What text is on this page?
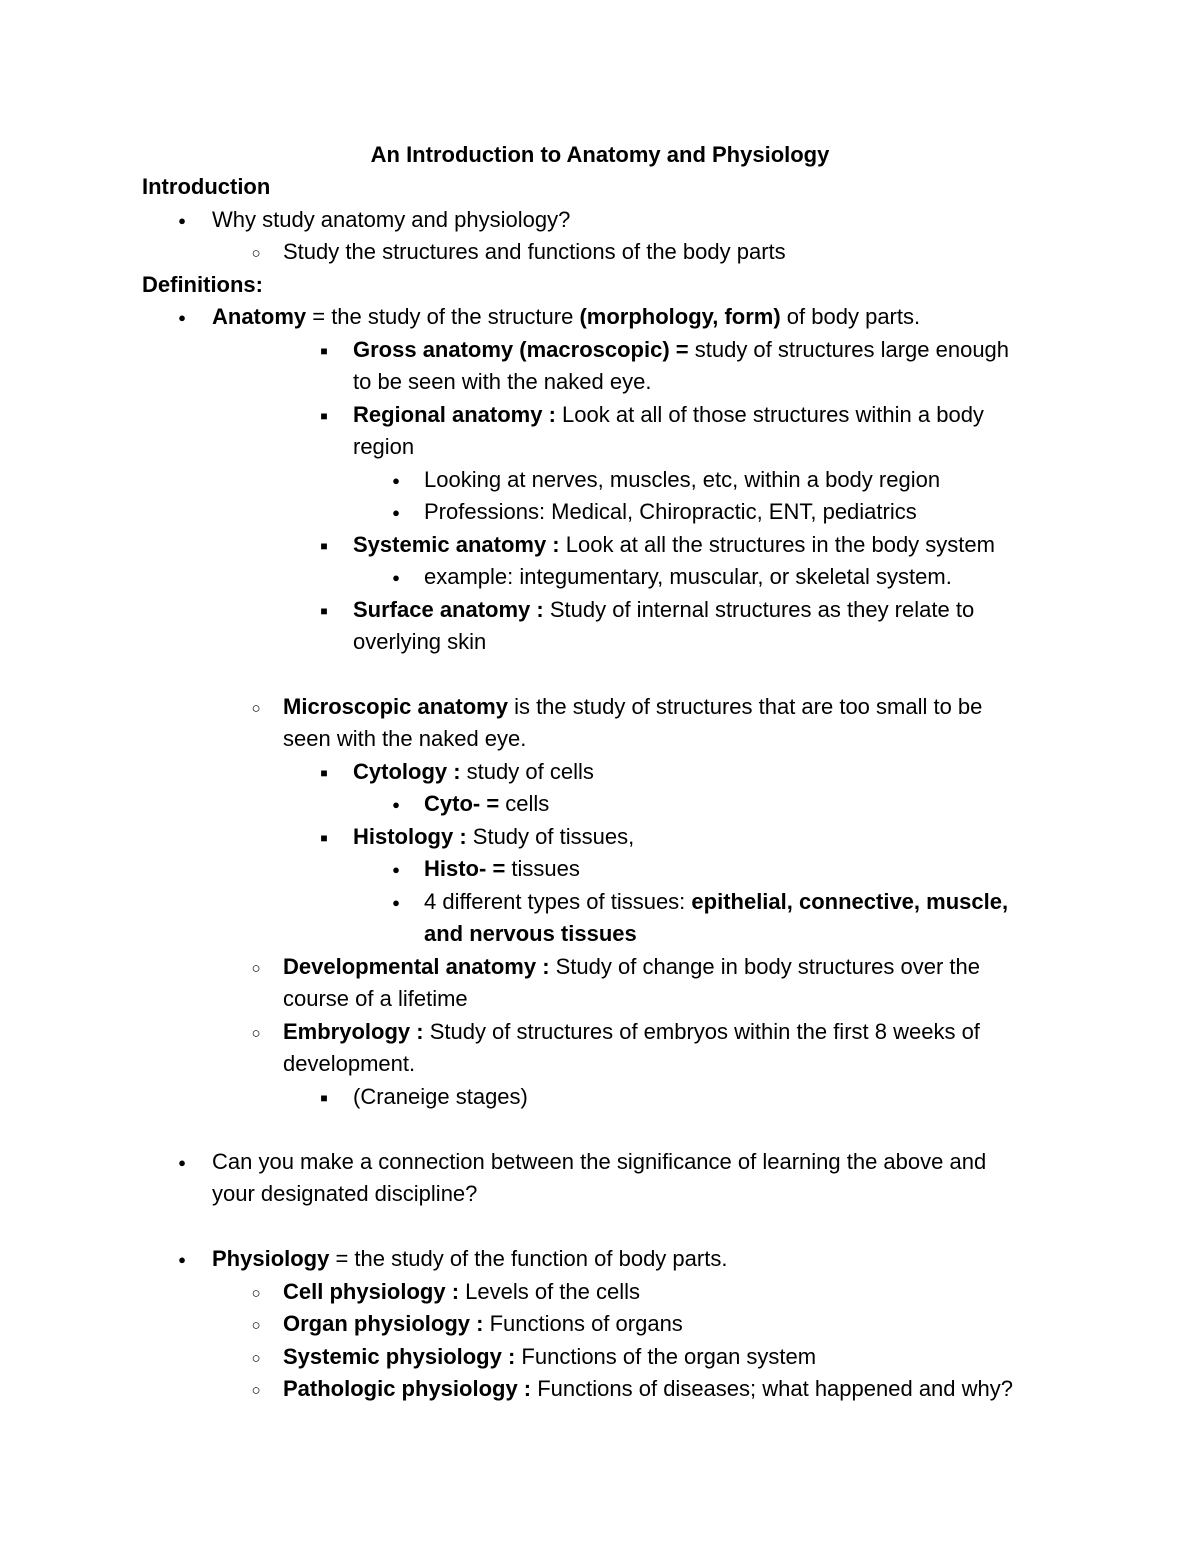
An Introduction to Anatomy and Physiology
Introduction
●
Why study anatomy and physiology?
○
Study the structures and functions of the body parts
Definitions:
●
Anatomy = the study of the structure (morphology, form) of body parts.
■
Gross anatomy (macroscopic) = study of structures large enough
to be seen with the naked eye.
■
Regional anatomy : Look at all of those structures within a body
region
●
Looking at nerves, muscles, etc, within a body region
●
Professions: Medical, Chiropractic, ENT, pediatrics
■
Systemic anatomy : Look at all the structures in the body system
●
example: integumentary, muscular, or skeletal system.
■
Surface anatomy : Study of internal structures as they relate to
overlying skin
○
Microscopic anatomy is the study of structures that are too small to be
seen with the naked eye.
■
Cytology : study of cells
●
Cyto- = cells
■
Histology : Study of tissues,
●
Histo- = tissues
●
4 different types of tissues: epithelial, connective, muscle,
and nervous tissues
○
Developmental anatomy : Study of change in body structures over the
course of a lifetime
○
Embryology : Study of structures of embryos within the first 8 weeks of
development.
■
(Craneige stages)
●
Can you make a connection between the significance of learning the above and
your designated discipline?
●
Physiology = the study of the function of body parts.
○
Cell physiology : Levels of the cells
○
Organ physiology : Functions of organs
○
Systemic physiology : Functions of the organ system
○
Pathologic physiology : Functions of diseases; what happened and why?
